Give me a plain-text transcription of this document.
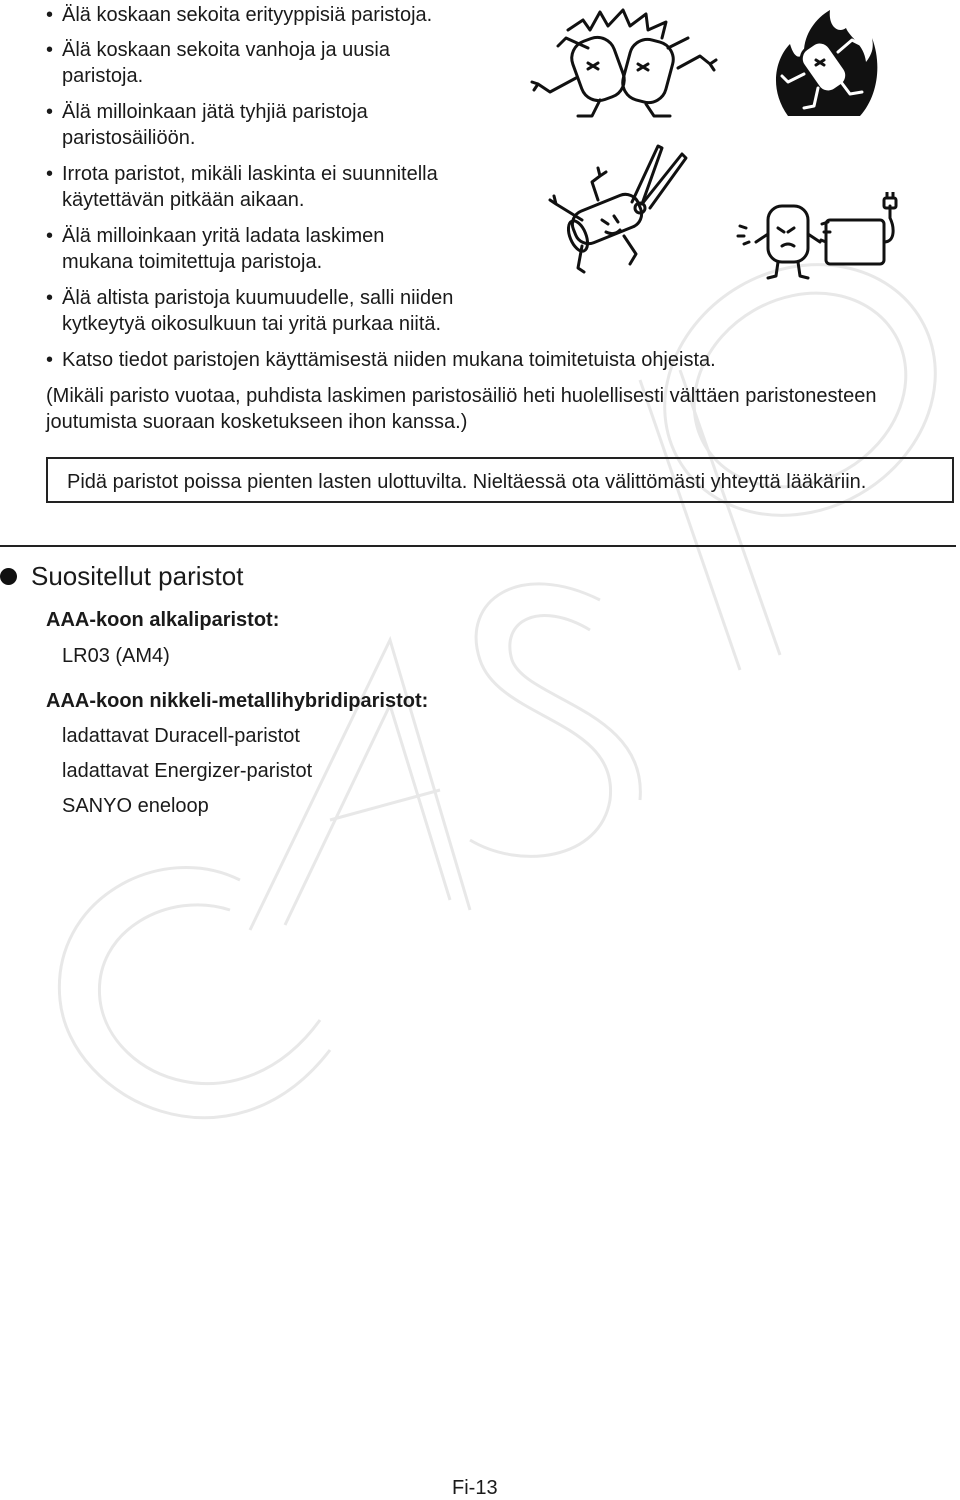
• Älä koskaan sekoita erityyppisiä paristoja.

• Älä koskaan sekoita vanhoja ja uusia

paristoja.

• Älä milloinkaan jätä tyhjiä paristoja

paristosäiliöön.

• Irrota paristot, mikäli laskinta ei suunnitella

käytettävän pitkään aikaan.

• Älä milloinkaan yritä ladata laskimen

mukana toimitettuja paristoja.

• Älä altista paristoja kuumuudelle, salli niiden

kytkeytyä oikosulkuun tai yritä purkaa niitä.

• Katso tiedot paristojen käyttämisestä niiden mukana toimitetuista ohjeista.

(Mikäli paristo vuotaa, puhdista laskimen paristosäiliö heti huolellisesti välttäen paristonesteen

joutumista suoraan kosketukseen ihon kanssa.)

Pidä paristot poissa pienten lasten ulottuvilta. Nieltäessä ota välittömästi yhteyttä lääkäriin.
Suositellut paristot
AAA-koon alkaliparistot:
LR03 (AM4)
AAA-koon nikkeli-metallihybridiparistot:
ladattavat Duracell-paristot
ladattavat Energizer-paristot
SANYO eneloop
Fi-13
